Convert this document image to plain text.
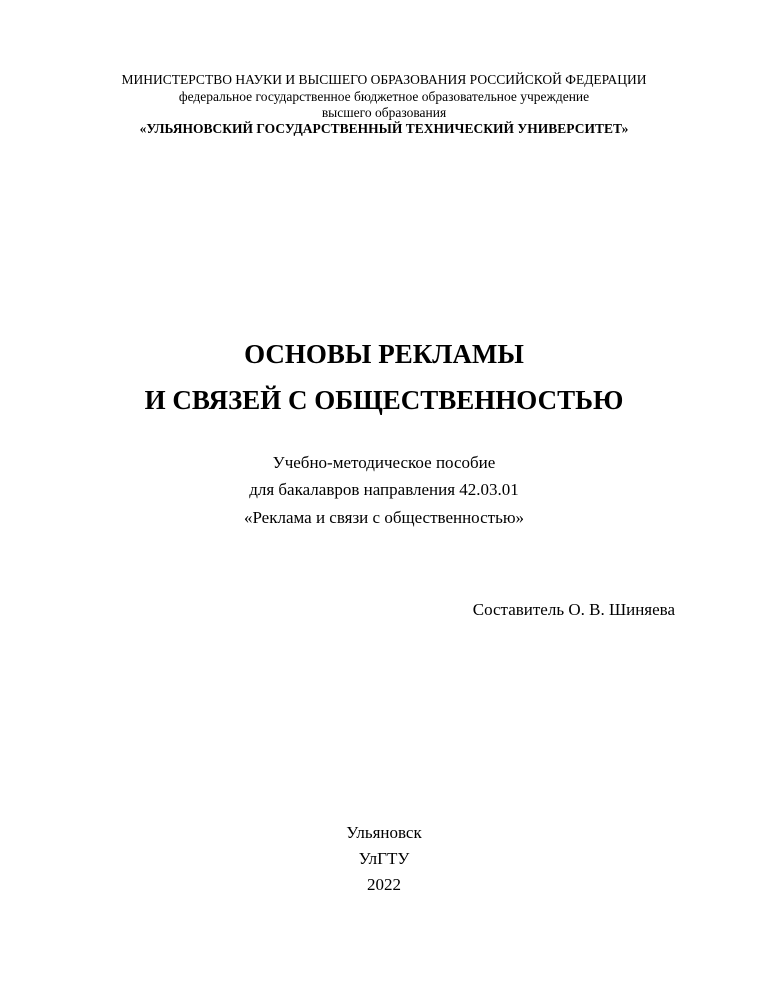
МИНИСТЕРСТВО НАУКИ И ВЫСШЕГО ОБРАЗОВАНИЯ РОССИЙСКОЙ ФЕДЕРАЦИИ
федеральное государственное бюджетное образовательное учреждение
высшего образования
«УЛЬЯНОВСКИЙ ГОСУДАРСТВЕННЫЙ ТЕХНИЧЕСКИЙ УНИВЕРСИТЕТ»
ОСНОВЫ РЕКЛАМЫ
И СВЯЗЕЙ С ОБЩЕСТВЕННОСТЬЮ
Учебно-методическое пособие
для бакалавров направления 42.03.01
«Реклама и связи с общественностью»
Составитель О. В. Шиняева
Ульяновск
УлГТУ
2022
